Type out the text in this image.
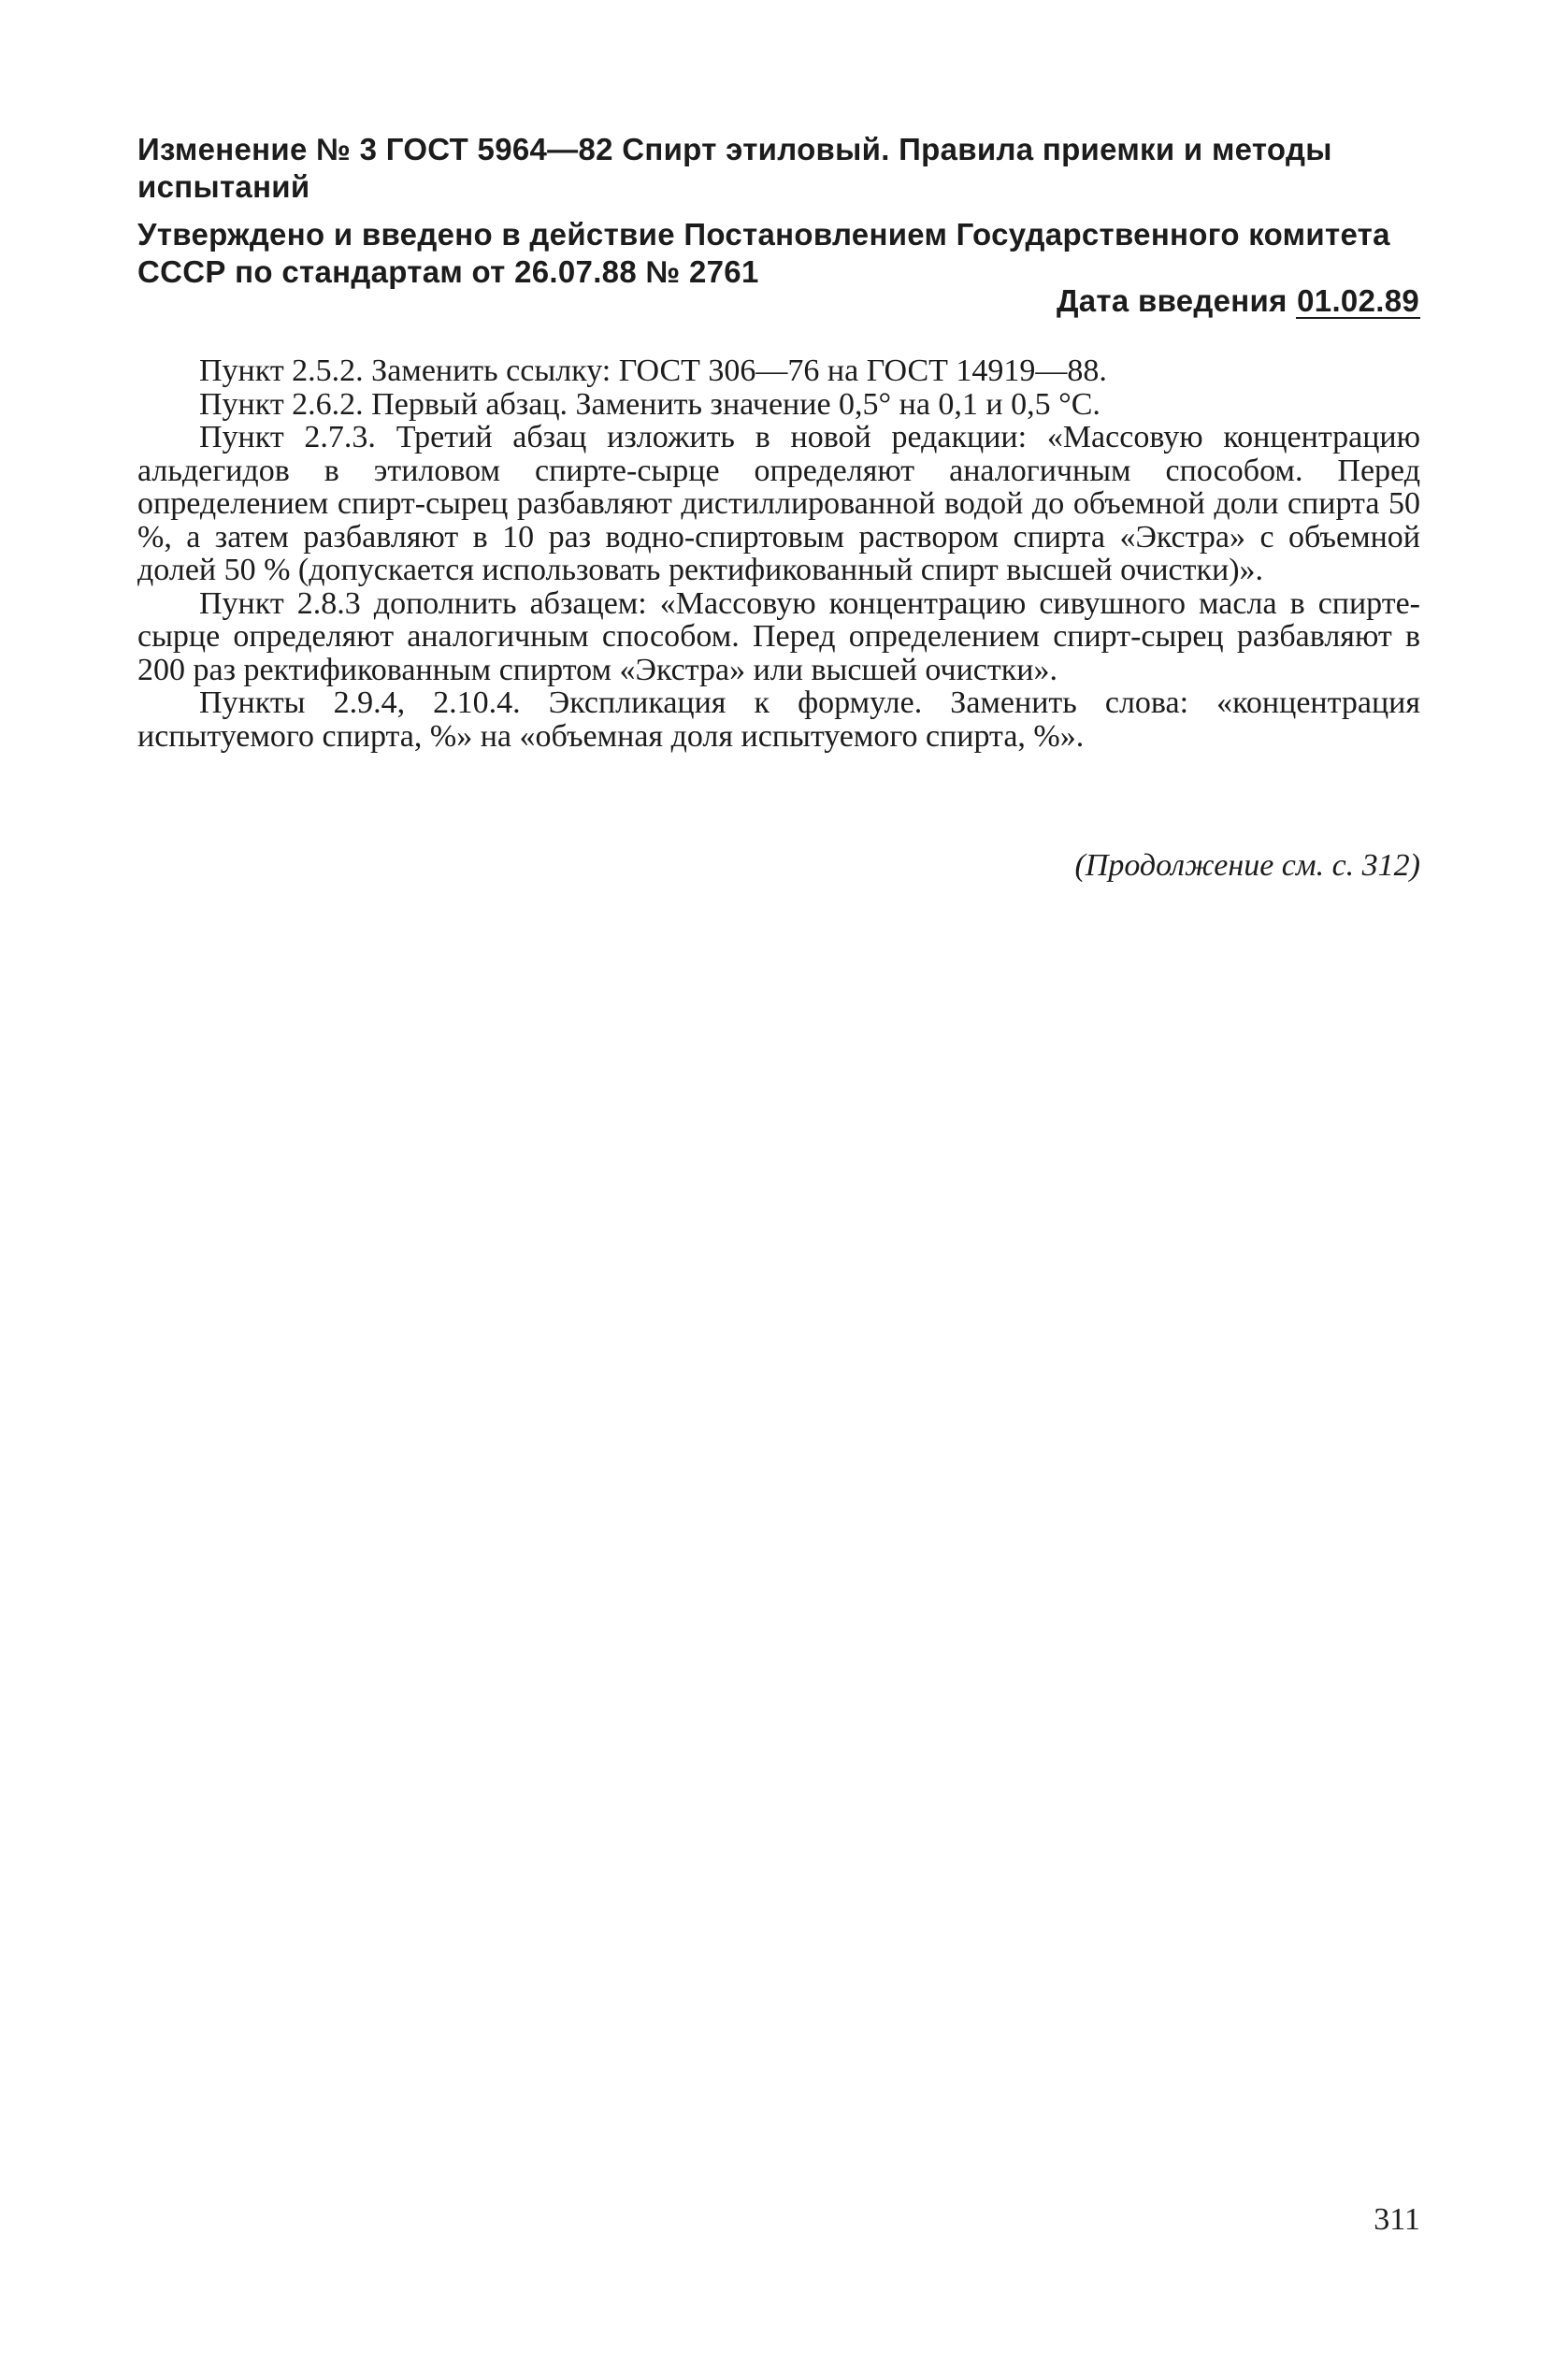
Изменение № 3 ГОСТ 5964—82 Спирт этиловый. Правила приемки и методы испытаний
Утверждено и введено в действие Постановлением Государственного комитета СССР по стандартам от 26.07.88 № 2761
Дата введения 01.02.89

Пункт 2.5.2. Заменить ссылку: ГОСТ 306—76 на ГОСТ 14919—88.

Пункт 2.6.2. Первый абзац. Заменить значение 0,5° на 0,1 и 0,5 °С.

Пункт 2.7.3. Третий абзац изложить в новой редакции: «Массовую концентрацию альдегидов в этиловом спирте-сырце определяют аналогичным способом. Перед определением спирт-сырец разбавляют дистиллированной водой до объемной доли спирта 50 %, а затем разбавляют в 10 раз водно-спиртовым раствором спирта «Экстра» с объемной долей 50 % (допускается использовать ректификованный спирт высшей очистки)».

Пункт 2.8.3 дополнить абзацем: «Массовую концентрацию сивушного масла в спирте-сырце определяют аналогичным способом. Перед определением спирт-сырец разбавляют в 200 раз ректификованным спиртом «Экстра» или высшей очистки».

Пункты 2.9.4, 2.10.4. Экспликация к формуле. Заменить слова: «концентрация испытуемого спирта, %» на «объемная доля испытуемого спирта, %».

(Продолжение см. с. 312)
311
